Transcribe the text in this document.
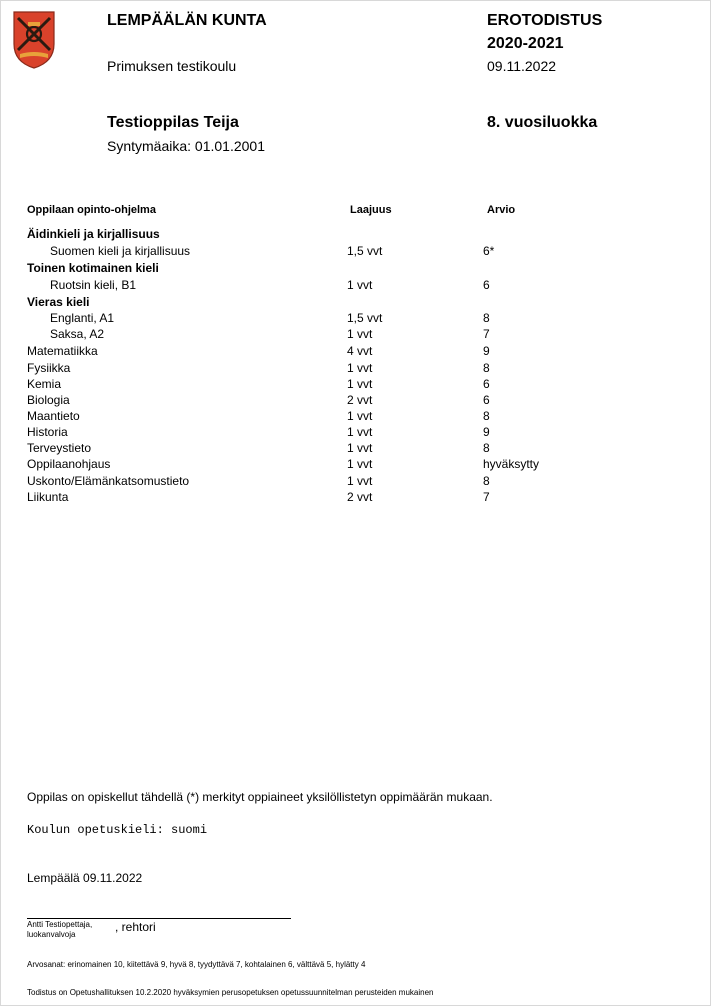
LEMPÄÄLÄN KUNTA
Primuksen testikoulu
EROTODISTUS
2020-2021
09.11.2022
Testioppilas Teija
Syntymäaika: 01.01.2001
8. vuosiluokka
Oppilaan opinto-ohjelma	Laajuus	Arvio
Äidinkieli ja kirjallisuus
Suomen kieli ja kirjallisuus	1,5 vvt	6*
Toinen kotimainen kieli
Ruotsin kieli, B1	1 vvt	6
Vieras kieli
Englanti, A1	1,5 vvt	8
Saksa, A2	1 vvt	7
Matematiikka	4 vvt	9
Fysiikka	1 vvt	8
Kemia	1 vvt	6
Biologia	2 vvt	6
Maantieto	1 vvt	8
Historia	1 vvt	9
Terveystieto	1 vvt	8
Oppilaanohjaus	1 vvt	hyväksytty
Uskonto/Elämänkatsomustieto	1 vvt	8
Liikunta	2 vvt	7
Oppilas on opiskellut tähdellä (*) merkityt oppiaineet yksilöllistetyn oppimäärän mukaan.
Koulun opetuskieli: suomi
Lempäälä 09.11.2022
Antti Testiopettaja,
luokanvalvoja
, rehtori
Arvosanat: erinomainen 10, kiitettävä 9, hyvä 8, tyydyttävä 7, kohtalainen 6, välttävä 5, hylätty 4
Todistus on Opetushallituksen 10.2.2020 hyväksymien perusopetuksen opetussuunnitelman perusteiden mukainen
